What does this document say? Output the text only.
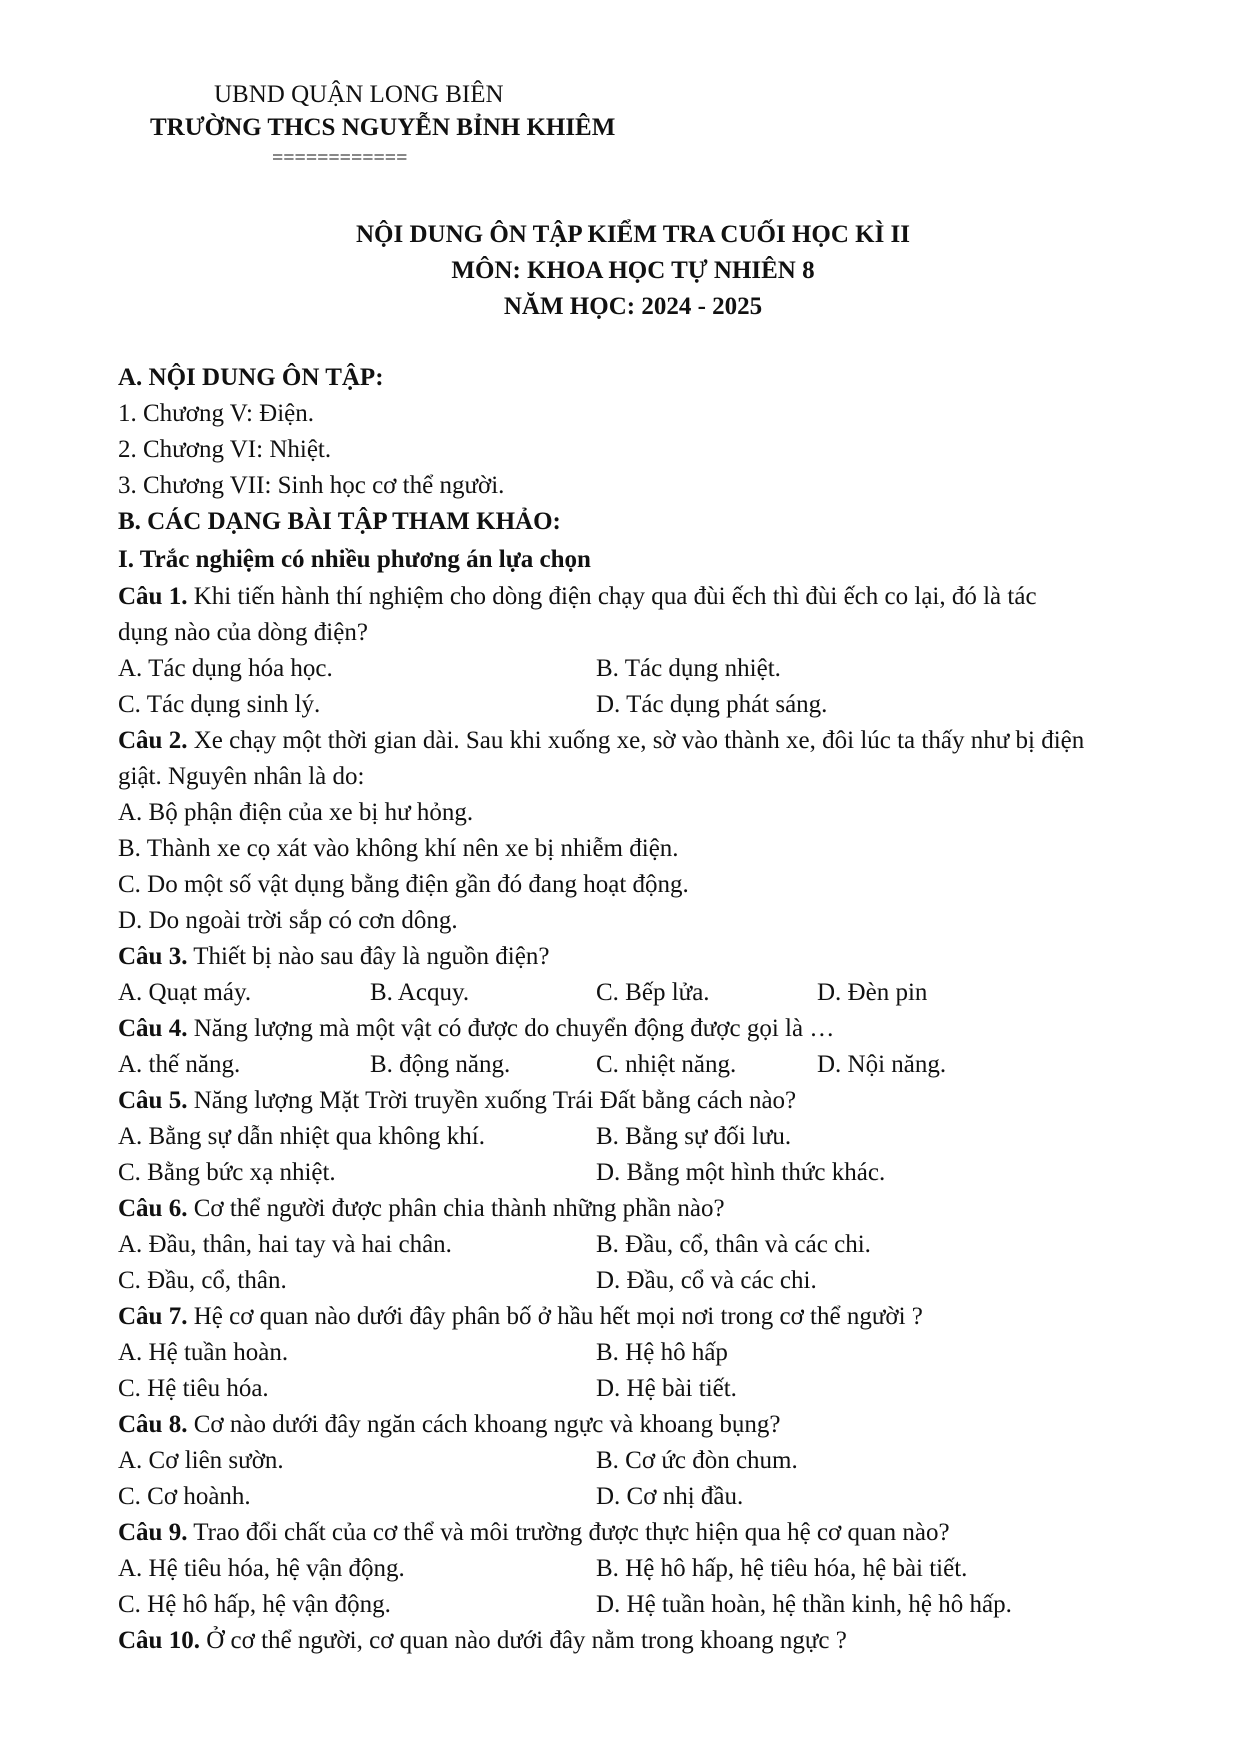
UBND QUẬN LONG BIÊN
TRƯỜNG THCS NGUYỄN BỈNH KHIÊM
============
NỘI DUNG ÔN TẬP KIỂM TRA CUỐI HỌC KÌ II
MÔN: KHOA HỌC TỰ NHIÊN 8
NĂM HỌC: 2024 - 2025
A. NỘI DUNG ÔN TẬP:
1. Chương V: Điện.
2. Chương VI: Nhiệt.
3. Chương VII: Sinh học cơ thể người.
B. CÁC DẠNG BÀI TẬP THAM KHẢO:
I. Trắc nghiệm có nhiều phương án lựa chọn
Câu 1. Khi tiến hành thí nghiệm cho dòng điện chạy qua đùi ếch thì đùi ếch co lại, đó là tác
dụng nào của dòng điện?
A. Tác dụng hóa học.	B. Tác dụng nhiệt.
C. Tác dụng sinh lý.	D. Tác dụng phát sáng.
Câu 2. Xe chạy một thời gian dài. Sau khi xuống xe, sờ vào thành xe, đôi lúc ta thấy như bị điện
giật. Nguyên nhân là do:
A. Bộ phận điện của xe bị hư hỏng.
B. Thành xe cọ xát vào không khí nên xe bị nhiễm điện.
C. Do một số vật dụng bằng điện gần đó đang hoạt động.
D. Do ngoài trời sắp có cơn dông.
Câu 3. Thiết bị nào sau đây là nguồn điện?
A. Quạt máy.	B. Acquy.	C. Bếp lửa.	D. Đèn pin
Câu 4. Năng lượng mà một vật có được do chuyển động được gọi là …
A. thế năng.	B. động năng.	C. nhiệt năng.	D. Nội năng.
Câu 5. Năng lượng Mặt Trời truyền xuống Trái Đất bằng cách nào?
A. Bằng sự dẫn nhiệt qua không khí.	B. Bằng sự đối lưu.
C. Bằng bức xạ nhiệt.	D. Bằng một hình thức khác.
Câu 6. Cơ thể người được phân chia thành những phần nào?
A. Đầu, thân, hai tay và hai chân.	B. Đầu, cổ, thân và các chi.
C. Đầu, cổ, thân.	D. Đầu, cổ và các chi.
Câu 7. Hệ cơ quan nào dưới đây phân bố ở hầu hết mọi nơi trong cơ thể người ?
A. Hệ tuần hoàn.	B. Hệ hô hấp
C. Hệ tiêu hóa.	D. Hệ bài tiết.
Câu 8. Cơ nào dưới đây ngăn cách khoang ngực và khoang bụng?
A. Cơ liên sườn.	B. Cơ ức đòn chum.
C. Cơ hoành.	D. Cơ nhị đầu.
Câu 9. Trao đổi chất của cơ thể và môi trường được thực hiện qua hệ cơ quan nào?
A. Hệ tiêu hóa, hệ vận động.	B. Hệ hô hấp, hệ tiêu hóa, hệ bài tiết.
C. Hệ hô hấp, hệ vận động.	D. Hệ tuần hoàn, hệ thần kinh, hệ hô hấp.
Câu 10. Ở cơ thể người, cơ quan nào dưới đây nằm trong khoang ngực ?
